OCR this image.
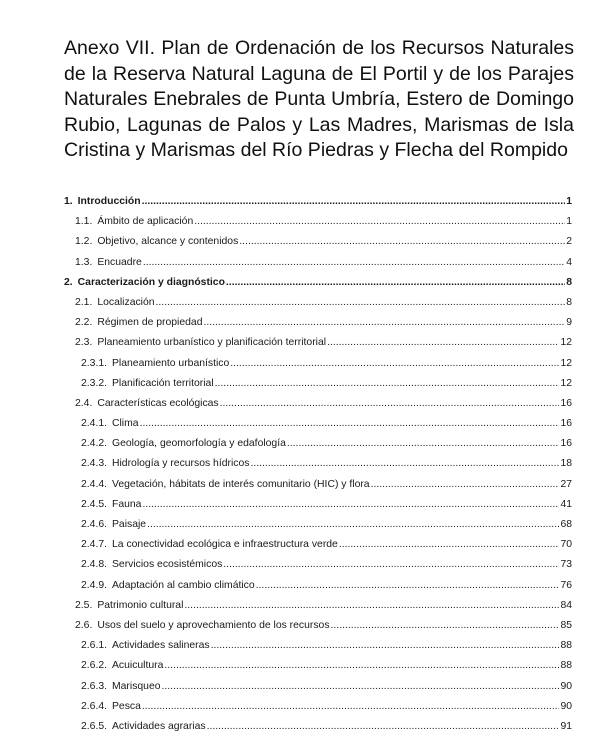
Anexo VII. Plan de Ordenación de los Recursos Naturales de la Reserva Natural Laguna de El Portil y de los Parajes Naturales Enebrales de Punta Umbría, Estero de Domingo Rubio, Lagunas de Palos y Las Madres, Marismas de Isla Cristina y Marismas del Río Piedras y Flecha del Rompido
1. Introducción .....	1
1.1. Ámbito de aplicación .....	1
1.2. Objetivo, alcance y contenidos .....	2
1.3. Encuadre .....	4
2. Caracterización y diagnóstico .....	8
2.1. Localización .....	8
2.2. Régimen de propiedad .....	9
2.3. Planeamiento urbanístico y planificación territorial .....	12
2.3.1. Planeamiento urbanístico .....	12
2.3.2. Planificación territorial .....	12
2.4. Características ecológicas .....	16
2.4.1. Clima .....	16
2.4.2. Geología, geomorfología y edafología .....	16
2.4.3. Hidrología y recursos hídricos .....	18
2.4.4. Vegetación, hábitats de interés comunitario (HIC) y flora .....	27
2.4.5. Fauna .....	41
2.4.6. Paisaje .....	68
2.4.7. La conectividad ecológica e infraestructura verde .....	70
2.4.8. Servicios ecosistémicos .....	73
2.4.9. Adaptación al cambio climático .....	76
2.5. Patrimonio cultural .....	84
2.6. Usos del suelo y aprovechamiento de los recursos .....	85
2.6.1. Actividades salineras .....	88
2.6.2. Acuicultura .....	88
2.6.3. Marisqueo .....	90
2.6.4. Pesca .....	90
2.6.5. Actividades agrarias .....	91
